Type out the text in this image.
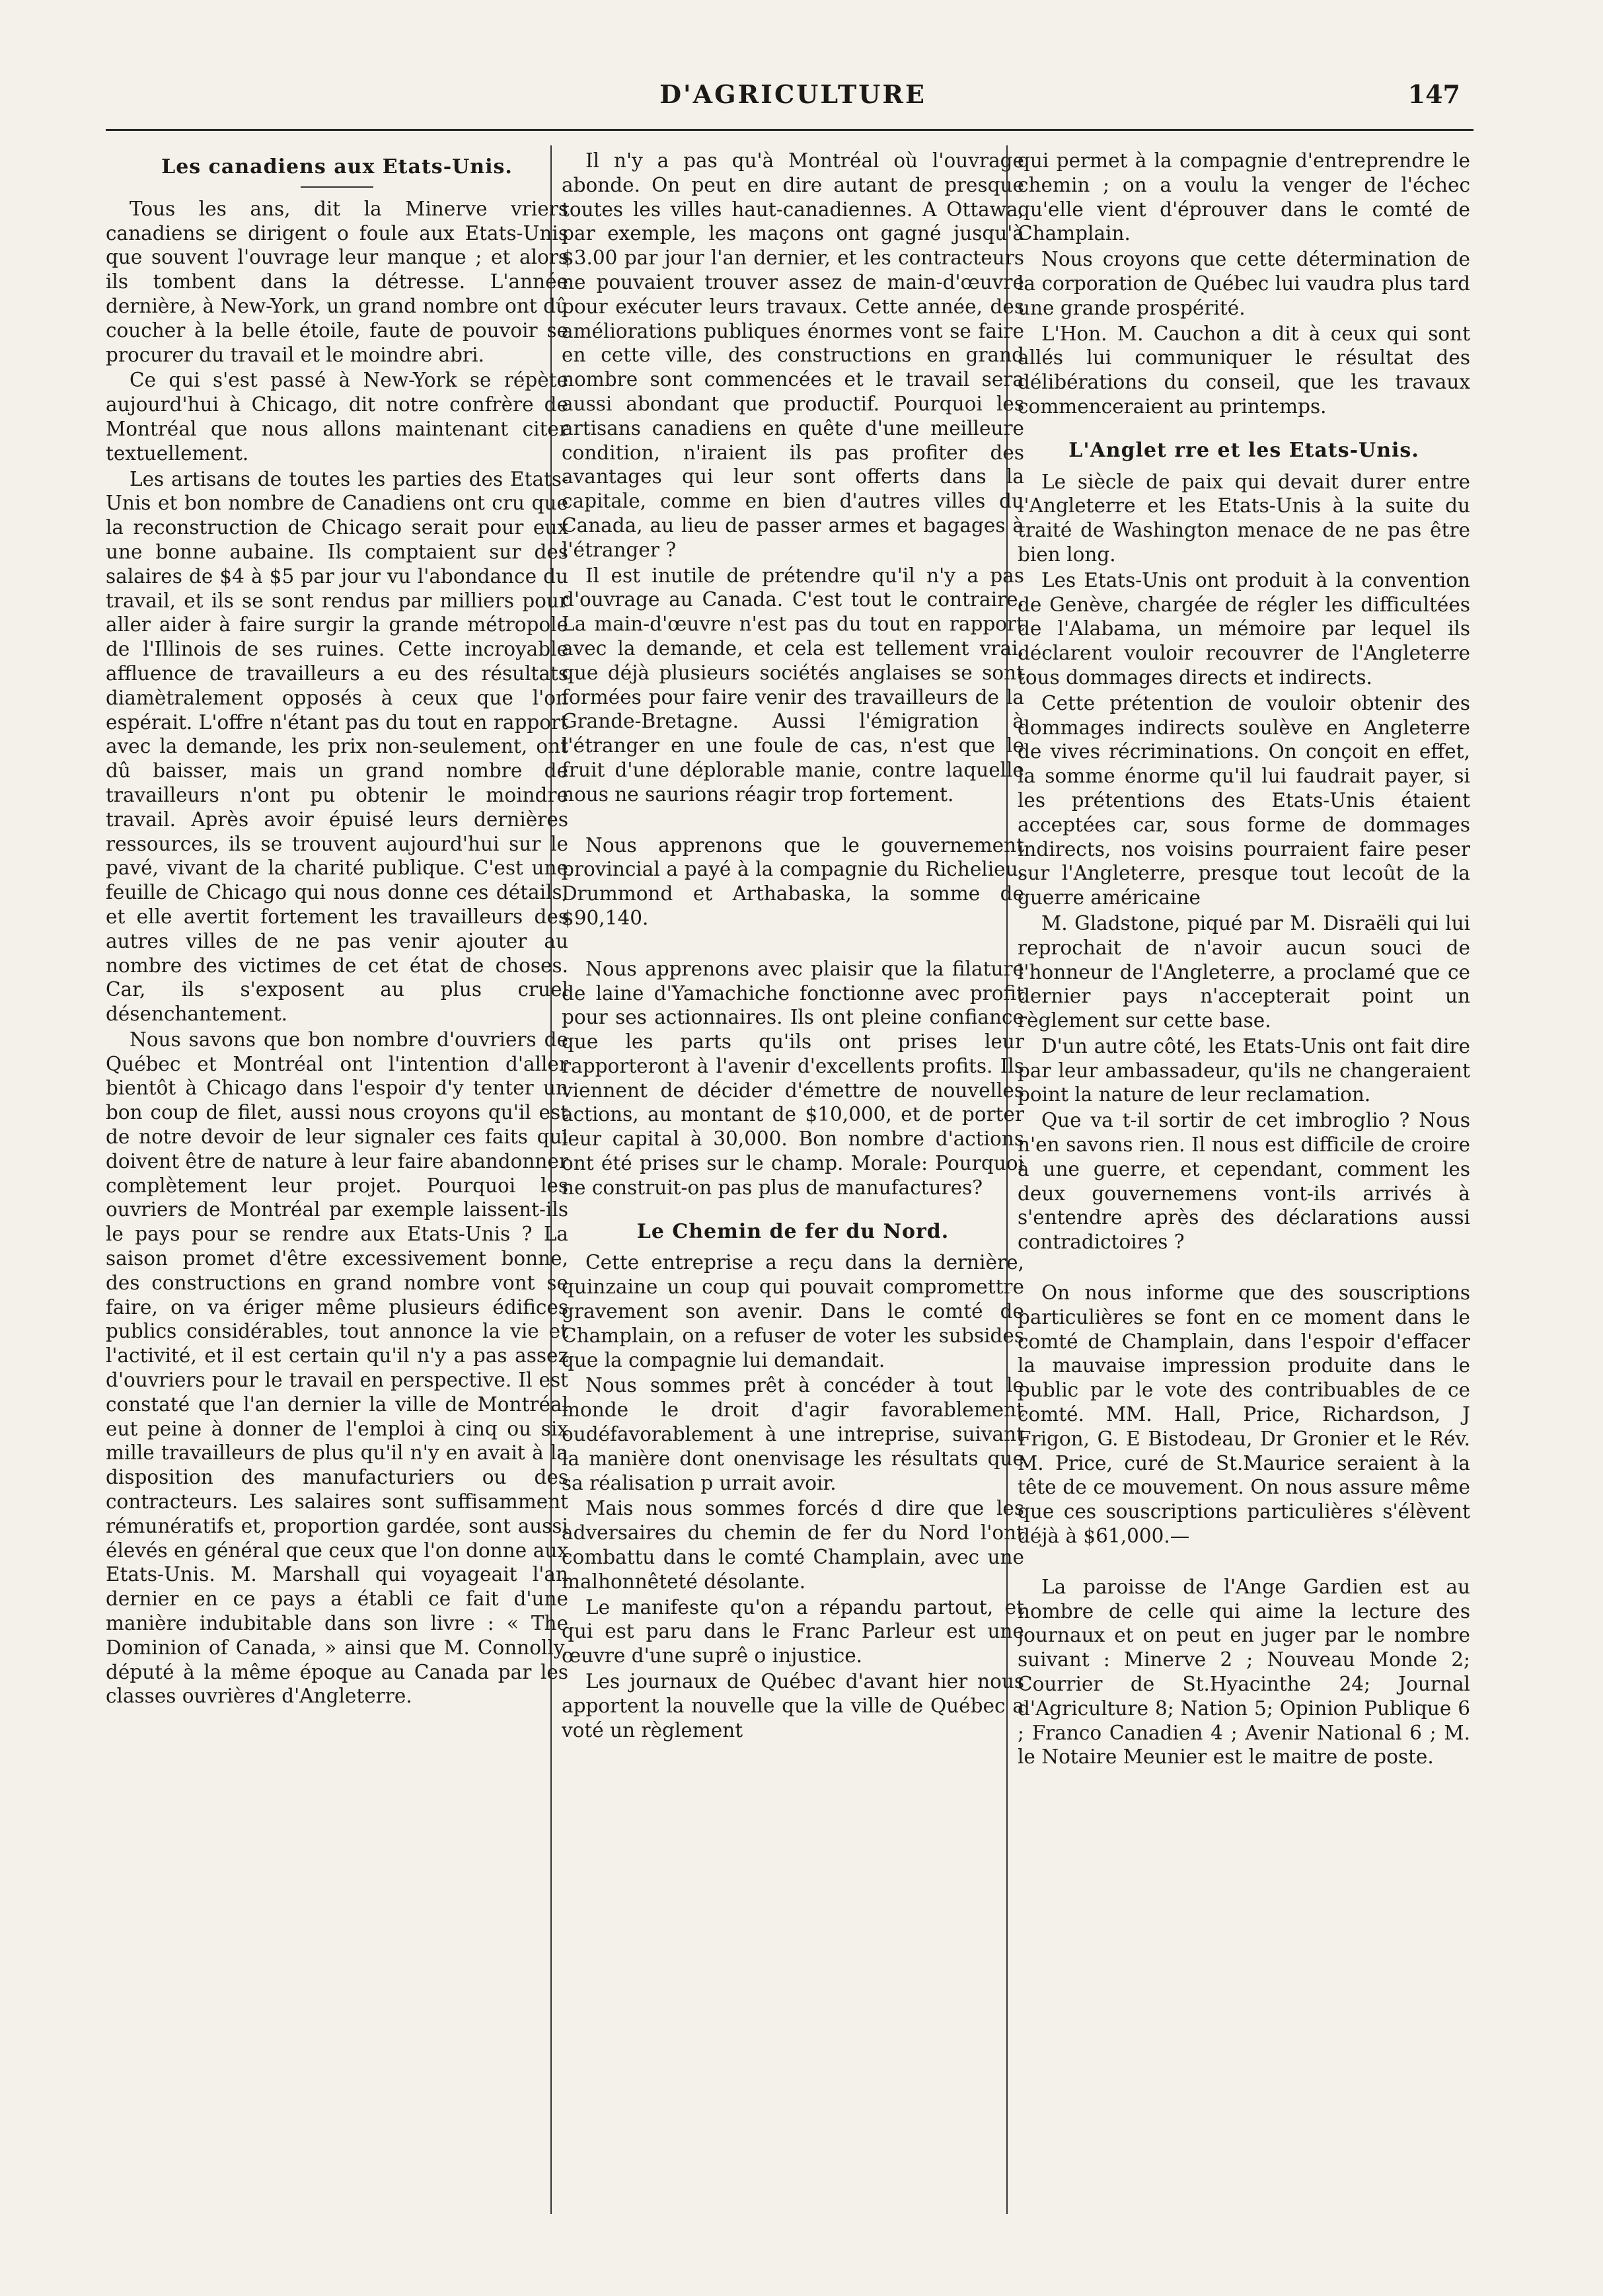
D'AGRICULTURE	147
Les canadiens aux Etats-Unis.

Tous les ans, dit la Minerve vriers canadiens se dirigent o foule aux Etats-Unis que souvent l'ouvrage leur manque ; et alors ils tombent dans la détresse. L'année dernière, à New-York, un grand nombre ont dû coucher à la belle étoile, faute de pouvoir se procurer du travail et le moindre abri.

Ce qui s'est passé à New-York se répète aujourd'hui à Chicago, dit notre confrère de Montréal que nous allons maintenant citer textuellement.

Les artisans de toutes les parties des Etats-Unis et bon nombre de Canadiens ont cru que la reconstruction de Chicago serait pour eux une bonne aubaine. Ils comptaient sur des salaires de $4 à $5 par jour vu l'abondance du travail, et ils se sont rendus par milliers pour aller aider à faire surgir la grande métropole de l'Illinois de ses ruines. Cette incroyable affluence de travailleurs a eu des résultats diamètralement opposés à ceux que l'on espérait. L'offre n'étant pas du tout en rapport avec la demande, les prix non-seulement, ont dû baisser, mais un grand nombre de travailleurs n'ont pu obtenir le moindre travail. Après avoir épuisé leurs dernières ressources, ils se trouvent aujourd'hui sur le pavé, vivant de la charité publique. C'est une feuille de Chicago qui nous donne ces détails, et elle avertit fortement les travailleurs des autres villes de ne pas venir ajouter au nombre des victimes de cet état de choses. Car, ils s'exposent au plus cruel désenchantement.

Nous savons que bon nombre d'ouvriers de Québec et Montréal ont l'intention d'aller bientôt à Chicago dans l'espoir d'y tenter un bon coup de filet, aussi nous croyons qu'il est de notre devoir de leur signaler ces faits qui doivent être de nature à leur faire abandonner complètement leur projet. Pourquoi les ouvriers de Montréal par exemple laissent-ils le pays pour se rendre aux Etats-Unis ? La saison promet d'être excessivement bonne, des constructions en grand nombre vont se faire, on va ériger même plusieurs édifices publics considérables, tout annonce la vie et l'activité, et il est certain qu'il n'y a pas assez d'ouvriers pour le travail en perspective. Il est constaté que l'an dernier la ville de Montréal eut peine à donner de l'emploi à cinq ou six mille travailleurs de plus qu'il n'y en avait à la disposition des manufacturiers ou des contracteurs. Les salaires sont suffisamment rémunératifs et, proportion gardée, sont aussi élevés en général que ceux que l'on donne aux Etats-Unis. M. Marshall qui voyageait l'an dernier en ce pays a établi ce fait d'une manière indubitable dans son livre : « The Dominion of Canada, » ainsi que M. Connolly, député à la même époque au Canada par les classes ouvrières d'Angleterre.

Il n'y a pas qu'à Montréal où l'ouvrage abonde. On peut en dire autant de presque toutes les villes haut-canadiennes. A Ottawa, par exemple, les maçons ont gagné jusqu'à $3.00 par jour l'an dernier, et les contracteurs ne pouvaient trouver assez de main-d'œuvre pour exécuter leurs travaux. Cette année, des améliorations publiques énormes vont se faire en cette ville, des constructions en grand nombre sont commencées et le travail sera aussi abondant que productif. Pourquoi les artisans canadiens en quête d'une meilleure condition, n'iraient ils pas profiter des avantages qui leur sont offerts dans la capitale, comme en bien d'autres villes du Canada, au lieu de passer armes et bagages à l'étranger ?

Il est inutile de prétendre qu'il n'y a pas d'ouvrage au Canada. C'est tout le contraire. La main-d'œuvre n'est pas du tout en rapport avec la demande, et cela est tellement vrai, que déjà plusieurs sociétés anglaises se sont formées pour faire venir des travailleurs de la Grande-Bretagne. Aussi l'émigration à l'étranger en une foule de cas, n'est que le fruit d'une déplorable manie, contre laquelle nous ne saurions réagir trop fortement.

Nous apprenons que le gouvernement provincial a payé à la compagnie du Richelieu, Drummond et Arthabaska, la somme de $90,140.

Nous apprenons avec plaisir que la filature de laine d'Yamachiche fonctionne avec profit pour ses actionnaires. Ils ont pleine confiance que les parts qu'ils ont prises leur rapporteront à l'avenir d'excellents profits. Ils viennent de décider d'émettre de nouvelles actions, au montant de $10,000, et de porter leur capital à 30,000. Bon nombre d'actions ont été prises sur le champ. Morale: Pourquoi ne construit-on pas plus de manufactures?

Le Chemin de fer du Nord.

Cette entreprise a reçu dans la dernière, quinzaine un coup qui pouvait compromettre gravement son avenir. Dans le comté de Champlain, on a refuser de voter les subsides que la compagnie lui demandait.

Nous sommes prêt à concéder à tout le monde le droit d'agir favorablement oudéfavorablement à une intreprise, suivant la manière dont onenvisage les résultats que sa réalisation p urrait avoir.

Mais nous sommes forcés d dire que les adversaires du chemin de fer du Nord l'ont combattu dans le comté Champlain, avec une malhonnêteté désolante.

Le manifeste qu'on a répandu partout, et qui est paru dans le Franc Parleur est une œuvre d'une suprê o injustice.

Les journaux de Québec d'avant hier nous apportent la nouvelle que la ville de Québec a voté un règlement

qui permet à la compagnie d'entreprendre le chemin ; on a voulu la venger de l'échec qu'elle vient d'éprouver dans le comté de Champlain.

Nous croyons que cette détermination de la corporation de Québec lui vaudra plus tard une grande prospérité.

L'Hon. M. Cauchon a dit à ceux qui sont allés lui communiquer le résultat des délibérations du conseil, que les travaux commenceraient au printemps.

L'Anglet rre et les Etats-Unis.

Le siècle de paix qui devait durer entre l'Angleterre et les Etats-Unis à la suite du traité de Washington menace de ne pas être bien long.

Les Etats-Unis ont produit à la convention de Genève, chargée de régler les difficultées de l'Alabama, un mémoire par lequel ils déclarent vouloir recouvrer de l'Angleterre tous dommages directs et indirects.

Cette prétention de vouloir obtenir des dommages indirects soulève en Angleterre de vives récriminations. On conçoit en effet, la somme énorme qu'il lui faudrait payer, si les prétentions des Etats-Unis étaient acceptées car, sous forme de dommages indirects, nos voisins pourraient faire peser sur l'Angleterre, presque tout lecoût de la guerre américaine

M. Gladstone, piqué par M. Disraëli qui lui reprochait de n'avoir aucun souci de l'honneur de l'Angleterre, a proclamé que ce dernier pays n'accepterait point un règlement sur cette base.

D'un autre côté, les Etats-Unis ont fait dire par leur ambassadeur, qu'ils ne changeraient point la nature de leur reclamation.

Que va t-il sortir de cet imbroglio ? Nous n'en savons rien. Il nous est difficile de croire à une guerre, et cependant, comment les deux gouvernemens vont-ils arrivés à s'entendre après des déclarations aussi contradictoires ?

On nous informe que des souscriptions particulières se font en ce moment dans le comté de Champlain, dans l'espoir d'effacer la mauvaise impression produite dans le public par le vote des contribuables de ce comté. MM. Hall, Price, Richardson, J Frigon, G. E Bistodeau, Dr Gronier et le Rév. M. Price, curé de St.Maurice seraient à la tête de ce mouvement. On nous assure même que ces souscriptions particulières s'élèvent déjà à $61,000.—

La paroisse de l'Ange Gardien est au nombre de celle qui aime la lecture des journaux et on peut en juger par le nombre suivant : Minerve 2 ; Nouveau Monde 2; Courrier de St.Hyacinthe 24; Journal d'Agriculture 8; Nation 5; Opinion Publique 6 ; Franco Canadien 4 ; Avenir National 6 ; M. le Notaire Meunier est le maitre de poste.
